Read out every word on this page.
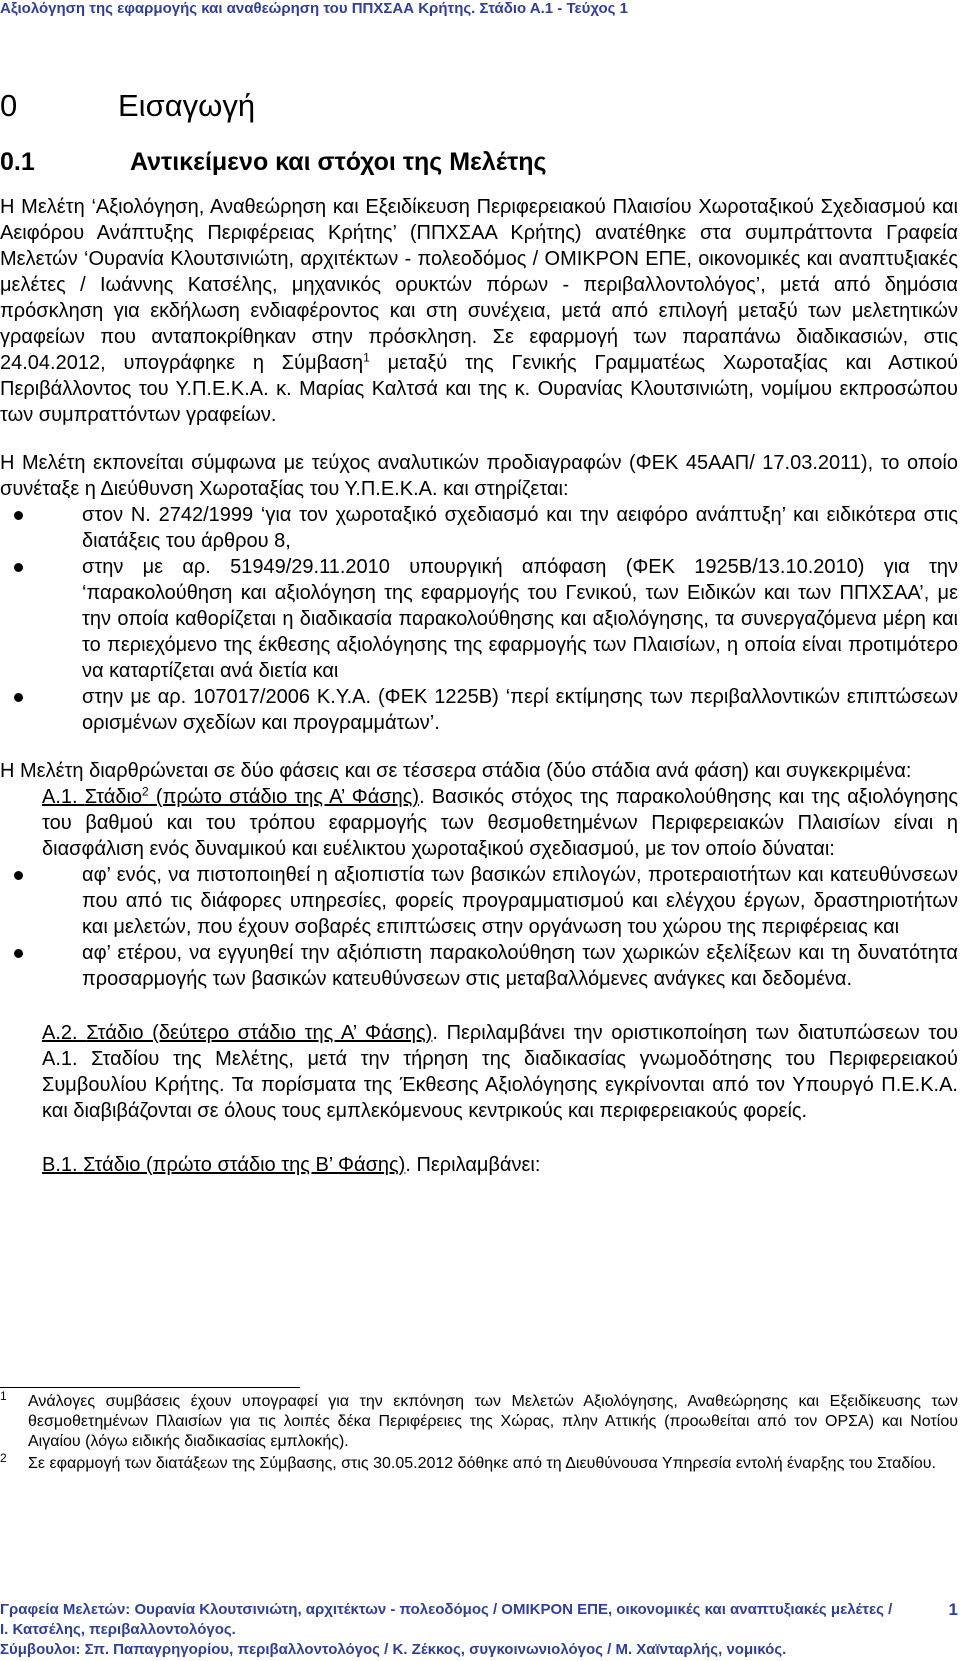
Αξιολόγηση της εφαρμογής και αναθεώρηση του ΠΠΧΣΑΑ Κρήτης. Στάδιο Α.1 - Τεύχος 1
0	Εισαγωγή
0.1	Αντικείμενο και στόχοι της Μελέτης

Η Μελέτη ‘Αξιολόγηση, Αναθεώρηση και Εξειδίκευση Περιφερειακού Πλαισίου Χωροταξικού Σχεδιασμού και Αειφόρου Ανάπτυξης Περιφέρειας Κρήτης’ (ΠΠΧΣΑΑ Κρήτης) ανατέθηκε στα συμπράττοντα Γραφεία Μελετών ‘Ουρανία Κλουτσινιώτη, αρχιτέκτων - πολεοδόμος / ΟΜΙΚΡΟΝ ΕΠΕ, οικονομικές και αναπτυξιακές μελέτες / Ιωάννης Κατσέλης, μηχανικός ορυκτών πόρων - περιβαλλοντολόγος’, μετά από δημόσια πρόσκληση για εκδήλωση ενδιαφέροντος και στη συνέχεια, μετά από επιλογή μεταξύ των μελετητικών γραφείων που ανταποκρίθηκαν στην πρόσκληση. Σε εφαρμογή των παραπάνω διαδικασιών, στις 24.04.2012, υπογράφηκε η Σύμβαση$^1$ μεταξύ της Γενικής Γραμματέως Χωροταξίας και Αστικού Περιβάλλοντος του Υ.Π.Ε.Κ.Α. κ. Μαρίας Καλτσά και της κ. Ουρανίας Κλουτσινιώτη, νομίμου εκπροσώπου των συμπραττόντων γραφείων.

Η Μελέτη εκπονείται σύμφωνα με τεύχος αναλυτικών προδιαγραφών (ΦΕΚ 45ΑΑΠ/ 17.03.2011), το οποίο συνέταξε η Διεύθυνση Χωροταξίας του Υ.Π.Ε.Κ.Α. και στηρίζεται:

στον Ν. 2742/1999 ‘για τον χωροταξικό σχεδιασμό και την αειφόρο ανάπτυξη’ και ειδικότερα στις διατάξεις του άρθρου 8,
στην με αρ. 51949/29.11.2010 υπουργική απόφαση (ΦΕΚ 1925Β/13.10.2010) για την ‘παρακολούθηση και αξιολόγηση της εφαρμογής του Γενικού, των Ειδικών και των ΠΠΧΣΑΑ’, με την οποία καθορίζεται η διαδικασία παρακολούθησης και αξιολόγησης, τα συνεργαζόμενα μέρη και το περιεχόμενο της έκθεσης αξιολόγησης της εφαρμογής των Πλαισίων, η οποία είναι προτιμότερο να καταρτίζεται ανά διετία και
στην με αρ. 107017/2006 Κ.Υ.Α. (ΦΕΚ 1225Β) ‘περί εκτίμησης των περιβαλλοντικών επιπτώσεων ορισμένων σχεδίων και προγραμμάτων’.

Η Μελέτη διαρθρώνεται σε δύο φάσεις και σε τέσσερα στάδια (δύο στάδια ανά φάση) και συγκεκριμένα:

Α.1. Στάδιο$^2$ (πρώτο στάδιο της Α’ Φάσης). Βασικός στόχος της παρακολούθησης και της αξιολόγησης του βαθμού και του τρόπου εφαρμογής των θεσμοθετημένων Περιφερειακών Πλαισίων είναι η διασφάλιση ενός δυναμικού και ευέλικτου χωροταξικού σχεδιασμού, με τον οποίο δύναται:
αφ’ ενός, να πιστοποιηθεί η αξιοπιστία των βασικών επιλογών, προτεραιοτήτων και κατευθύνσεων που από τις διάφορες υπηρεσίες, φορείς προγραμματισμού και ελέγχου έργων, δραστηριοτήτων και μελετών, που έχουν σοβαρές επιπτώσεις στην οργάνωση του χώρου της περιφέρειας και
αφ’ ετέρου, να εγγυηθεί την αξιόπιστη παρακολούθηση των χωρικών εξελίξεων και τη δυνατότητα προσαρμογής των βασικών κατευθύνσεων στις μεταβαλλόμενες ανάγκες και δεδομένα.
Α.2. Στάδιο (δεύτερο στάδιο της Α’ Φάσης). Περιλαμβάνει την οριστικοποίηση των διατυπώσεων του Α.1. Σταδίου της Μελέτης, μετά την τήρηση της διαδικασίας γνωμοδότησης του Περιφερειακού Συμβουλίου Κρήτης. Τα πορίσματα της Έκθεσης Αξιολόγησης εγκρίνονται από τον Υπουργό Π.Ε.Κ.Α. και διαβιβάζονται σε όλους τους εμπλεκόμενους κεντρικούς και περιφερειακούς φορείς.
Β.1. Στάδιο (πρώτο στάδιο της Β’ Φάσης). Περιλαμβάνει:
1 Ανάλογες συμβάσεις έχουν υπογραφεί για την εκπόνηση των Μελετών Αξιολόγησης, Αναθεώρησης και Εξειδίκευσης των θεσμοθετημένων Πλαισίων για τις λοιπές δέκα Περιφέρειες της Χώρας, πλην Αττικής (προωθείται από τον ΟΡΣΑ) και Νοτίου Αιγαίου (λόγω ειδικής διαδικασίας εμπλοκής).
2 Σε εφαρμογή των διατάξεων της Σύμβασης, στις 30.05.2012 δόθηκε από τη Διευθύνουσα Υπηρεσία εντολή έναρξης του Σταδίου.
Γραφεία Μελετών: Ουρανία Κλουτσινιώτη, αρχιτέκτων - πολεοδόμος / ΟΜΙΚΡΟΝ ΕΠΕ, οικονομικές και αναπτυξιακές μελέτες /
Ι. Κατσέλης, περιβαλλοντολόγος.
Σύμβουλοι: Σπ. Παπαγρηγορίου, περιβαλλοντολόγος / Κ. Ζέκκος, συγκοινωνιολόγος / Μ. Χαϊνταρλής, νομικός.
1
